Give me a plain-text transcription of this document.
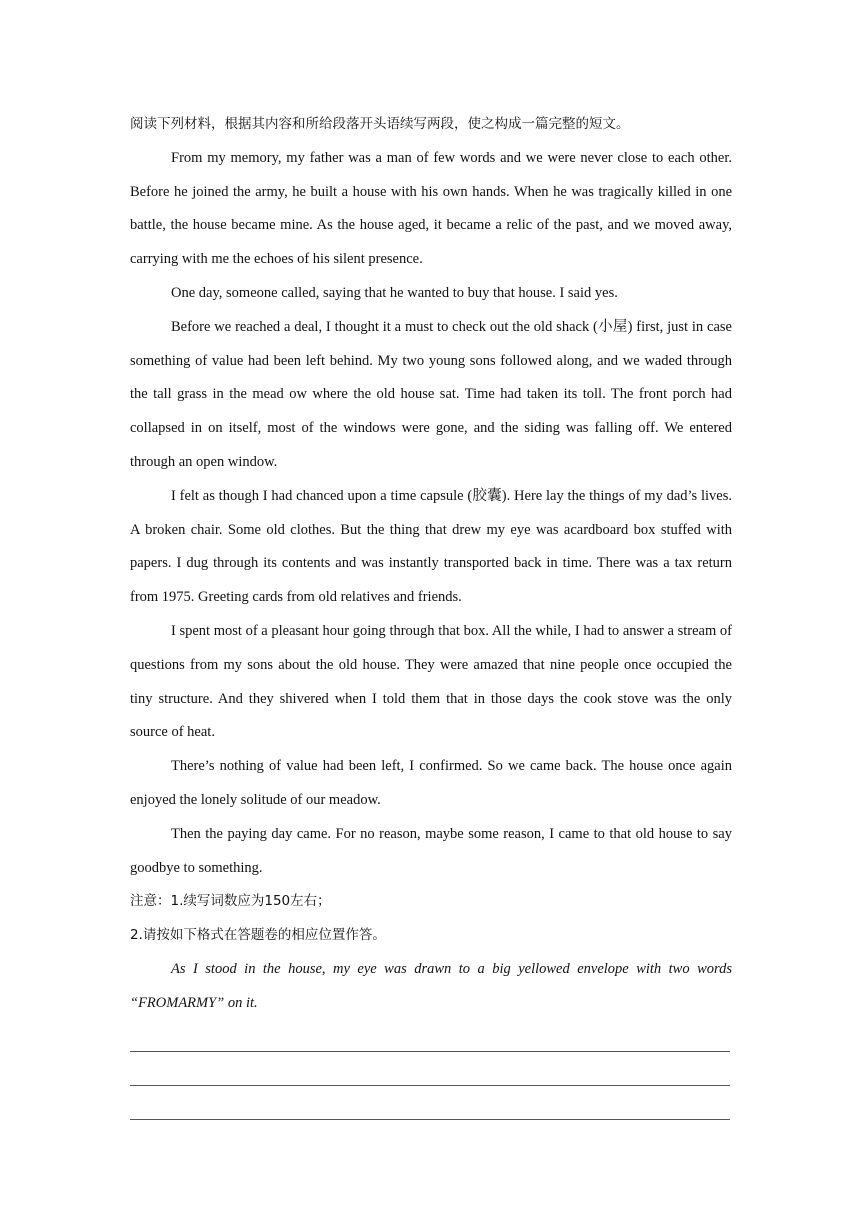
阅读下列材料，根据其内容和所给段落开头语续写两段，使之构成一篇完整的短文。

From my memory, my father was a man of few words and we were never close to each other. Before he joined the army, he built a house with his own hands. When he was tragically killed in one battle, the house became mine. As the house aged, it became a relic of the past, and we moved away, carrying with me the echoes of his silent presence.

One day, someone called, saying that he wanted to buy that house. I said yes.

Before we reached a deal, I thought it a must to check out the old shack (小屋) first, just in case something of value had been left behind. My two young sons followed along, and we waded through the tall grass in the mead ow where the old house sat. Time had taken its toll. The front porch had collapsed in on itself, most of the windows were gone, and the siding was falling off. We entered through an open window.

I felt as though I had chanced upon a time capsule (胶囊). Here lay the things of my dad’s lives. A broken chair. Some old clothes. But the thing that drew my eye was acardboard box stuffed with papers. I dug through its contents and was instantly transported back in time. There was a tax return from 1975. Greeting cards from old relatives and friends.

I spent most of a pleasant hour going through that box. All the while, I had to answer a stream of questions from my sons about the old house. They were amazed that nine people once occupied the tiny structure. And they shivered when I told them that in those days the cook stove was the only source of heat.

There’s nothing of value had been left, I confirmed. So we came back. The house once again enjoyed the lonely solitude of our meadow.

Then the paying day came. For no reason, maybe some reason, I came to that old house to say goodbye to something.

注意：1.续写词数应为150左右；

2.请按如下格式在答题卷的相应位置作答。

As I stood in the house, my eye was drawn to a big yellowed envelope with two words “FROMARMY” on it.
